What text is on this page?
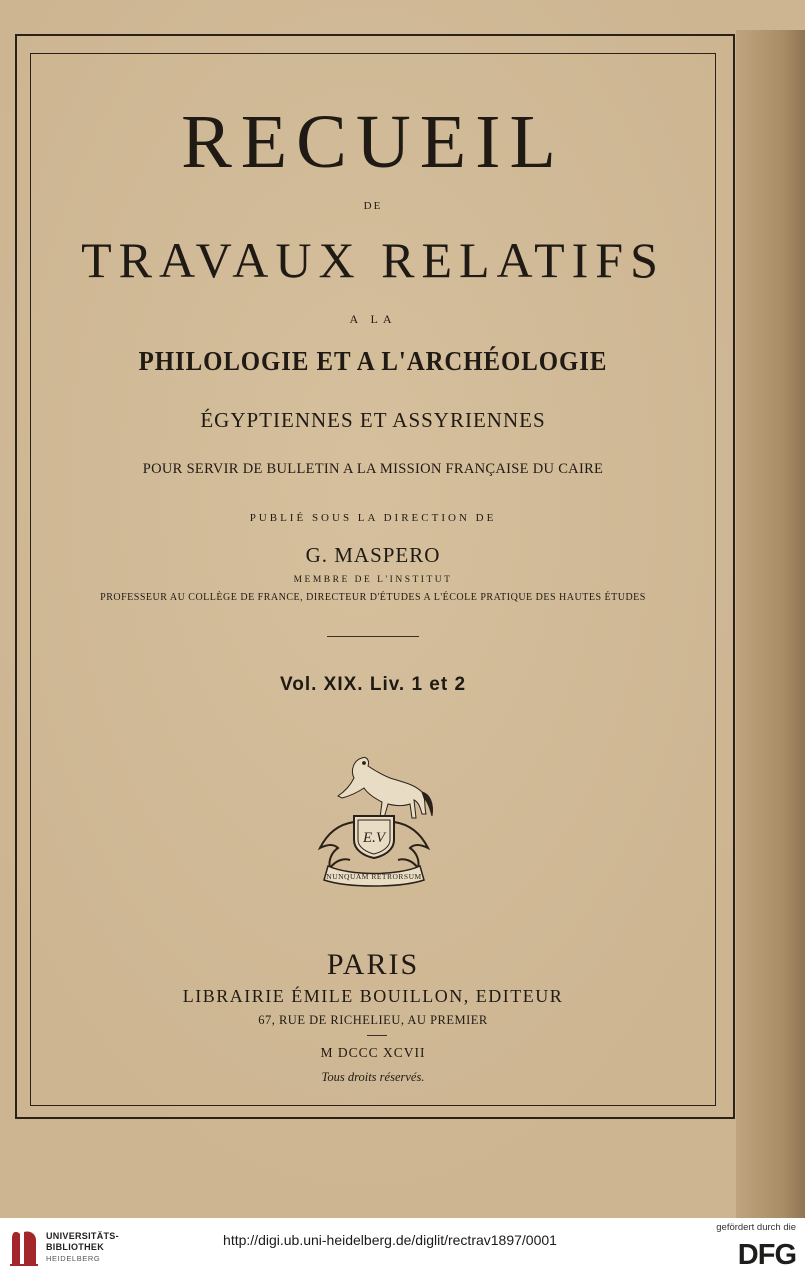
RECUEIL
DE
TRAVAUX RELATIFS
A LA
PHILOLOGIE ET A L'ARCHÉOLOGIE
ÉGYPTIENNES ET ASSYRIENNES
POUR SERVIR DE BULLETIN A LA MISSION FRANÇAISE DU CAIRE
PUBLIÉ SOUS LA DIRECTION DE
G. MASPERO
MEMBRE DE L'INSTITUT
PROFESSEUR AU COLLÈGE DE FRANCE, DIRECTEUR D'ÉTUDES A L'ÉCOLE PRATIQUE DES HAUTES ÉTUDES
Vol. XIX. Liv. 1 et 2
E.V
NUNQUAM RETRORSUM
PARIS
LIBRAIRIE ÉMILE BOUILLON, EDITEUR
67, RUE DE RICHELIEU, AU PREMIER
M DCCC XCVII
Tous droits réservés.
UNIVERSITÄTS-
BIBLIOTHEK
HEIDELBERG
http://digi.ub.uni-heidelberg.de/diglit/rectrav1897/0001
gefördert durch die
DFG
